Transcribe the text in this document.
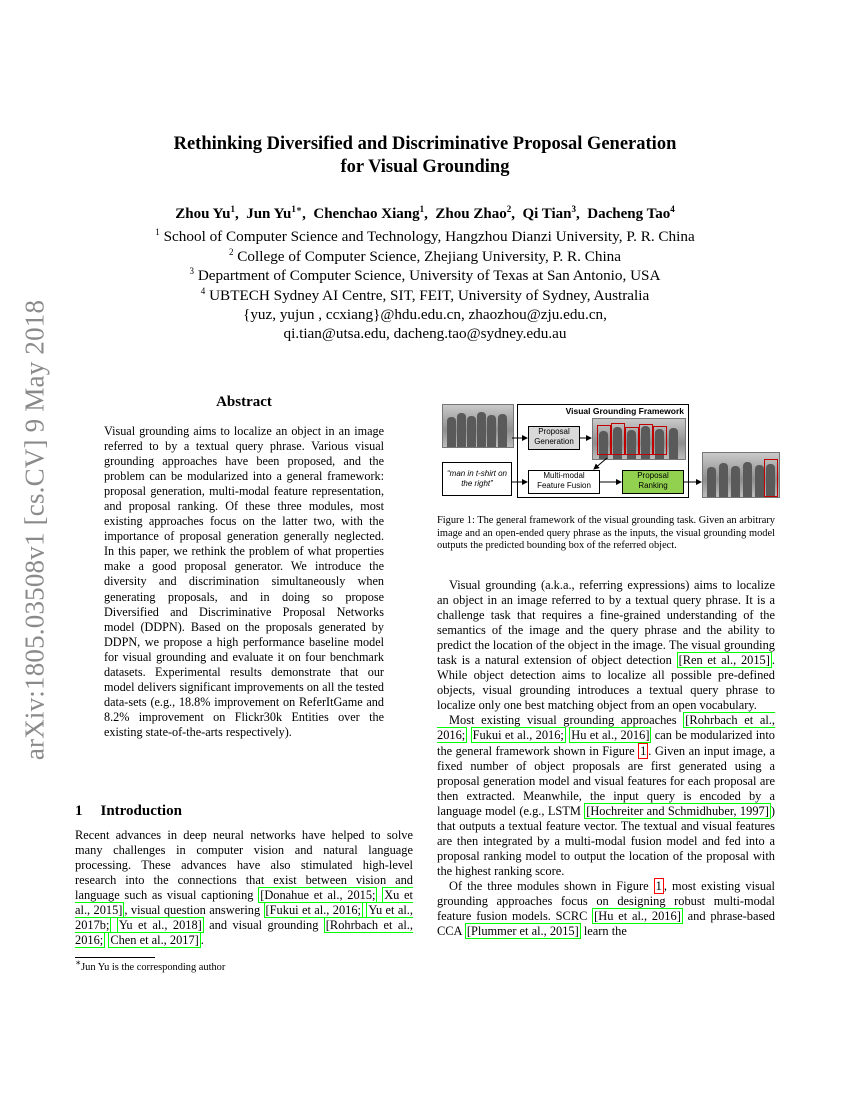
arXiv:1805.03508v1 [cs.CV] 9 May 2018
Rethinking Diversified and Discriminative Proposal Generation
for Visual Grounding
Zhou Yu$^1$,  Jun $Yu^{1∗}$,  Chenchao Xiang$^1$,  Zhou Zhao$^2$,  Qi Tian$^3$,  Dacheng Tao$^4$
$^1$ School of Computer Science and Technology, Hangzhou Dianzi University, P. R. China
$^2$ College of Computer Science, Zhejiang University, P. R. China
$^3$ Department of Computer Science, University of Texas at San Antonio, USA
$^4$ UBTECH Sydney AI Centre, SIT, FEIT, University of Sydney, Australia
{yuz, yujun , ccxiang}@hdu.edu.cn, zhaozhou@zju.edu.cn,
qi.tian@utsa.edu, dacheng.tao@sydney.edu.au
Abstract
Visual grounding aims to localize an object in an image referred to by a textual query phrase. Various visual grounding approaches have been proposed, and the problem can be modularized into a general framework: proposal generation, multi-modal feature representation, and proposal ranking. Of these three modules, most existing approaches focus on the latter two, with the importance of proposal generation generally neglected. In this paper, we rethink the problem of what properties make a good proposal generator. We introduce the diversity and discrimination simultaneously when generating proposals, and in doing so propose Diversified and Discriminative Proposal Networks model (DDPN). Based on the proposals generated by DDPN, we propose a high performance baseline model for visual grounding and evaluate it on four benchmark datasets. Experimental results demonstrate that our model delivers significant improvements on all the tested data-sets (e.g., 18.8% improvement on ReferItGame and 8.2% improvement on Flickr30k Entities over the existing state-of-the-arts respectively).
1 Introduction
Recent advances in deep neural networks have helped to solve many challenges in computer vision and natural language processing. These advances have also stimulated high-level research into the connections that exist between vision and language such as visual captioning [Donahue et al., 2015; Xu et al., 2015] , visual question answering [Fukui et al., 2016; Yu et al., 2017b; Yu et al., 2018] and visual grounding [Rohrbach et al., 2016; Chen et al., 2017] .
∗Jun Yu is the corresponding author
Visual Grounding Framework
Proposal Generation
“man in t-shirt on the right”
Multi-modal Feature Fusion
Proposal Ranking
Figure 1: The general framework of the visual grounding task. Given an arbitrary image and an open-ended query phrase as the inputs, the visual grounding model outputs the predicted bounding box of the referred object.

Visual grounding (a.k.a., referring expressions) aims to localize an object in an image referred to by a textual query phrase. It is a challenge task that requires a fine-grained understanding of the semantics of the image and the query phrase and the ability to predict the location of the object in the image. The visual grounding task is a natural extension of object detection [Ren et al., 2015] . While object detection aims to localize all possible pre-defined objects, visual grounding introduces a textual query phrase to localize only one best matching object from an open vocabulary.

Most existing visual grounding approaches [Rohrbach et al., 2016; Fukui et al., 2016; Hu et al., 2016] can be modularized into the general framework shown in Figure 1 . Given an input image, a fixed number of object proposals are first generated using a proposal generation model and visual features for each proposal are then extracted. Meanwhile, the input query is encoded by a language model (e.g., LSTM [Hochreiter and Schmidhuber, 1997] ) that outputs a textual feature vector. The textual and visual features are then integrated by a multi-modal fusion model and fed into a proposal ranking model to output the location of the proposal with the highest ranking score.

Of the three modules shown in Figure 1 , most existing visual grounding approaches focus on designing robust multi-modal feature fusion models. SCRC [Hu et al., 2016] and phrase-based CCA [Plummer et al., 2015] learn the
